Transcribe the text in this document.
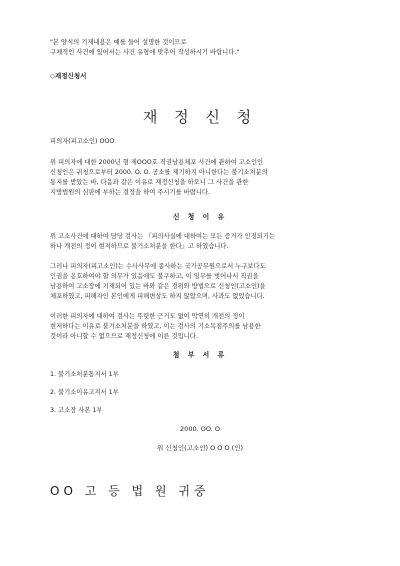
"본 양식의 기재내용은 예를 들어 설명한 것이므로
구체적인 사건에 있어서는 사건 유형에 맞추어 작성하시기 바랍니다."
◇재정신청서
재 정 신 청
피의자(피고소인) OOO
위 피의자에 대한 2000년 형 제OOO호 직권남용체포 사건에 관하여 고소인인
신청인은 귀청으로부터 2000. O. O. 공소를 제기하지 아니한다는 불기소처분의
통지를 받았는 바, 다음과 같은 이유로 재정신청을 하오니 그 사건을 관한
지방법원의 심판에 부하는 결정을 하여 주시기를 바랍니다.
신 청 이 유
위 고소사건에 대하여 담당 검사는 『피의사실에 대하여는 모든 증거가 인정되기는
하나 개전의 정이 현저하므로 불기소처분을 한다』고 하였습니다.
그러나 피의자(피고소인)는 수사사무에 종사하는 국가공무원으로서 누구보다도
인권을 옹호하여야 할 의무가 있음에도 불구하고, 이 임무를 벗어나서 직권을
남용하여 고소장에 기재되어 있는 바와 같은 경위와 방법으로 신청인(고소인)을
체포하였고, 피해자인 본인에게 피해변상도 하지 않았으며, 사과도 없었습니다.
이러한 피의자에 대하여 검사는 뚜렷한 근거도 없이 막연히 개전의 정이
현저하다는 이유로 불기소처분을 하였고, 이는 검사의 기소독점주의를 남용한
것이라 아니할 수 없으므로 재정신청에 이른 것입니다.
첨 부 서 류
1. 불기소처분통지서 1부
2. 불기소이유고지서 1부
3. 고소장 사본 1부
2000. OO. O
위 신청인(고소인) O O O (인)
OO 고 등 법 원 귀중
